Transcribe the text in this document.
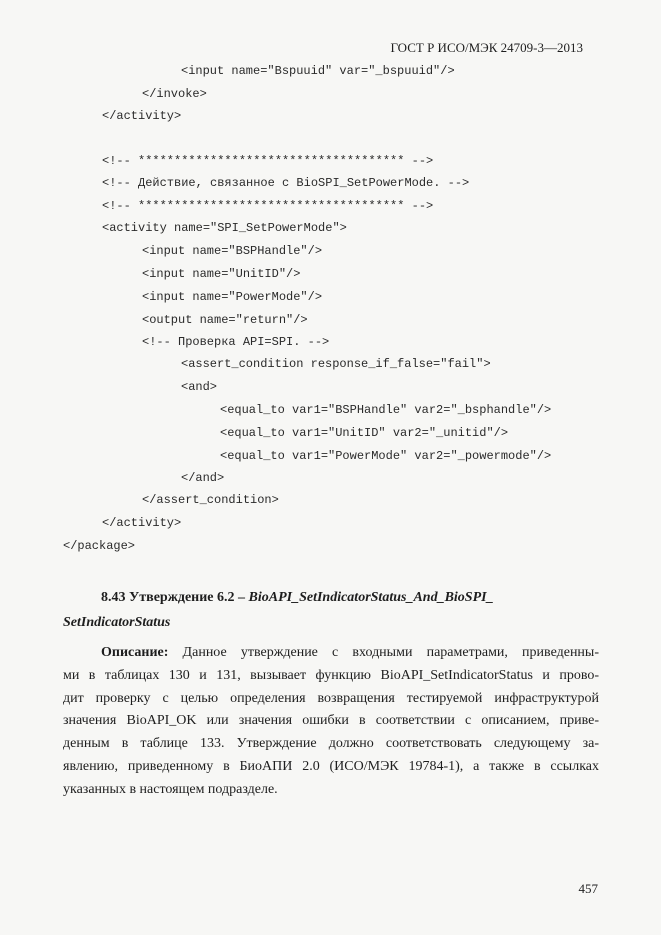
ГОСТ Р ИСО/МЭК 24709-3—2013

<input name="Bspuuid" var="_bspuuid"/>

</invoke>

</activity>

<!-- ************************************* -->

<!-- Действие, связанное с BioSPI_SetPowerMode. -->

<!-- ************************************* -->

<activity name="SPI_SetPowerMode">

<input name="BSPHandle"/>

<input name="UnitID"/>

<input name="PowerMode"/>

<output name="return"/>

<!-- Проверка API=SPI. -->

<assert_condition response_if_false="fail">

<and>

<equal_to var1="BSPHandle" var2="_bsphandle"/>

<equal_to var1="UnitID" var2="_unitid"/>

<equal_to var1="PowerMode" var2="_powermode"/>

</and>

</assert_condition>

</activity>

</package>

8.43 Утверждение 6.2 – BioAPI_SetIndicatorStatus_And_BioSPI_
SetIndicatorStatus
Описание: Данное утверждение с входными параметрами, приведенны-
ми в таблицах 130 и 131, вызывает функцию BioAPI_SetIndicatorStatus и прово-
дит проверку с целью определения возвращения тестируемой инфраструктурой
значения BioAPI_OK или значения ошибки в соответствии с описанием, приве-
денным в таблице 133. Утверждение должно соответствовать следующему за-
явлению, приведенному в БиоАПИ 2.0 (ИСО/МЭК 19784-1), а также в ссылках
указанных в настоящем подразделе.
457
